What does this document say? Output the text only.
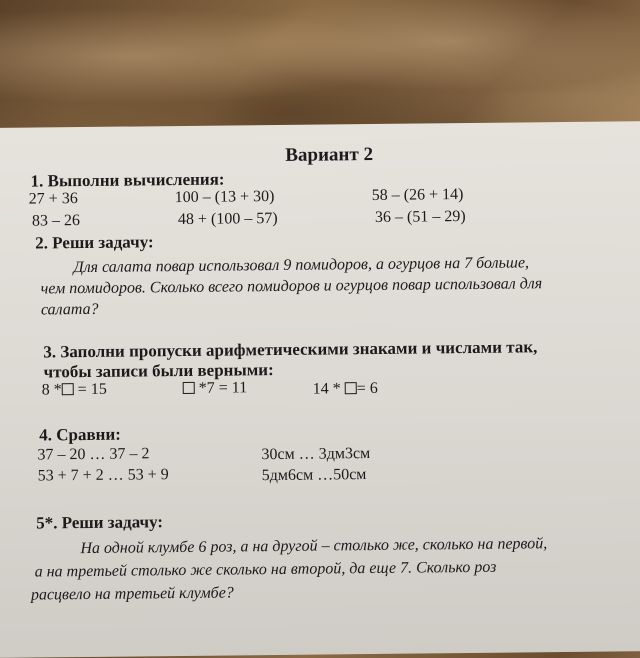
Вариант 2
1. Выполни вычисления:
27 + 36	100 – (13 + 30)	58 – (26 + 14)
83 – 26	48 + (100 – 57)	36 – (51 – 29)
2. Реши задачу:
Для салата повар использовал 9 помидоров, а огурцов на 7 больше,
чем помидоров. Сколько всего помидоров и огурцов повар использовал для
салата?
3. Заполни пропуски арифметическими знаками и числами так,
чтобы записи были верными:
8 * = 15	*7 = 11	14 * = 6
4. Сравни:
37 – 20 … 37 – 2	30см … 3дм3см
53 + 7 + 2 … 53 + 9	5дм6см …50см
5*. Реши задачу:
На одной клумбе 6 роз, а на другой – столько же, сколько на первой,
а на третьей столько же сколько на второй, да еще 7. Сколько роз
расцвело на третьей клумбе?
